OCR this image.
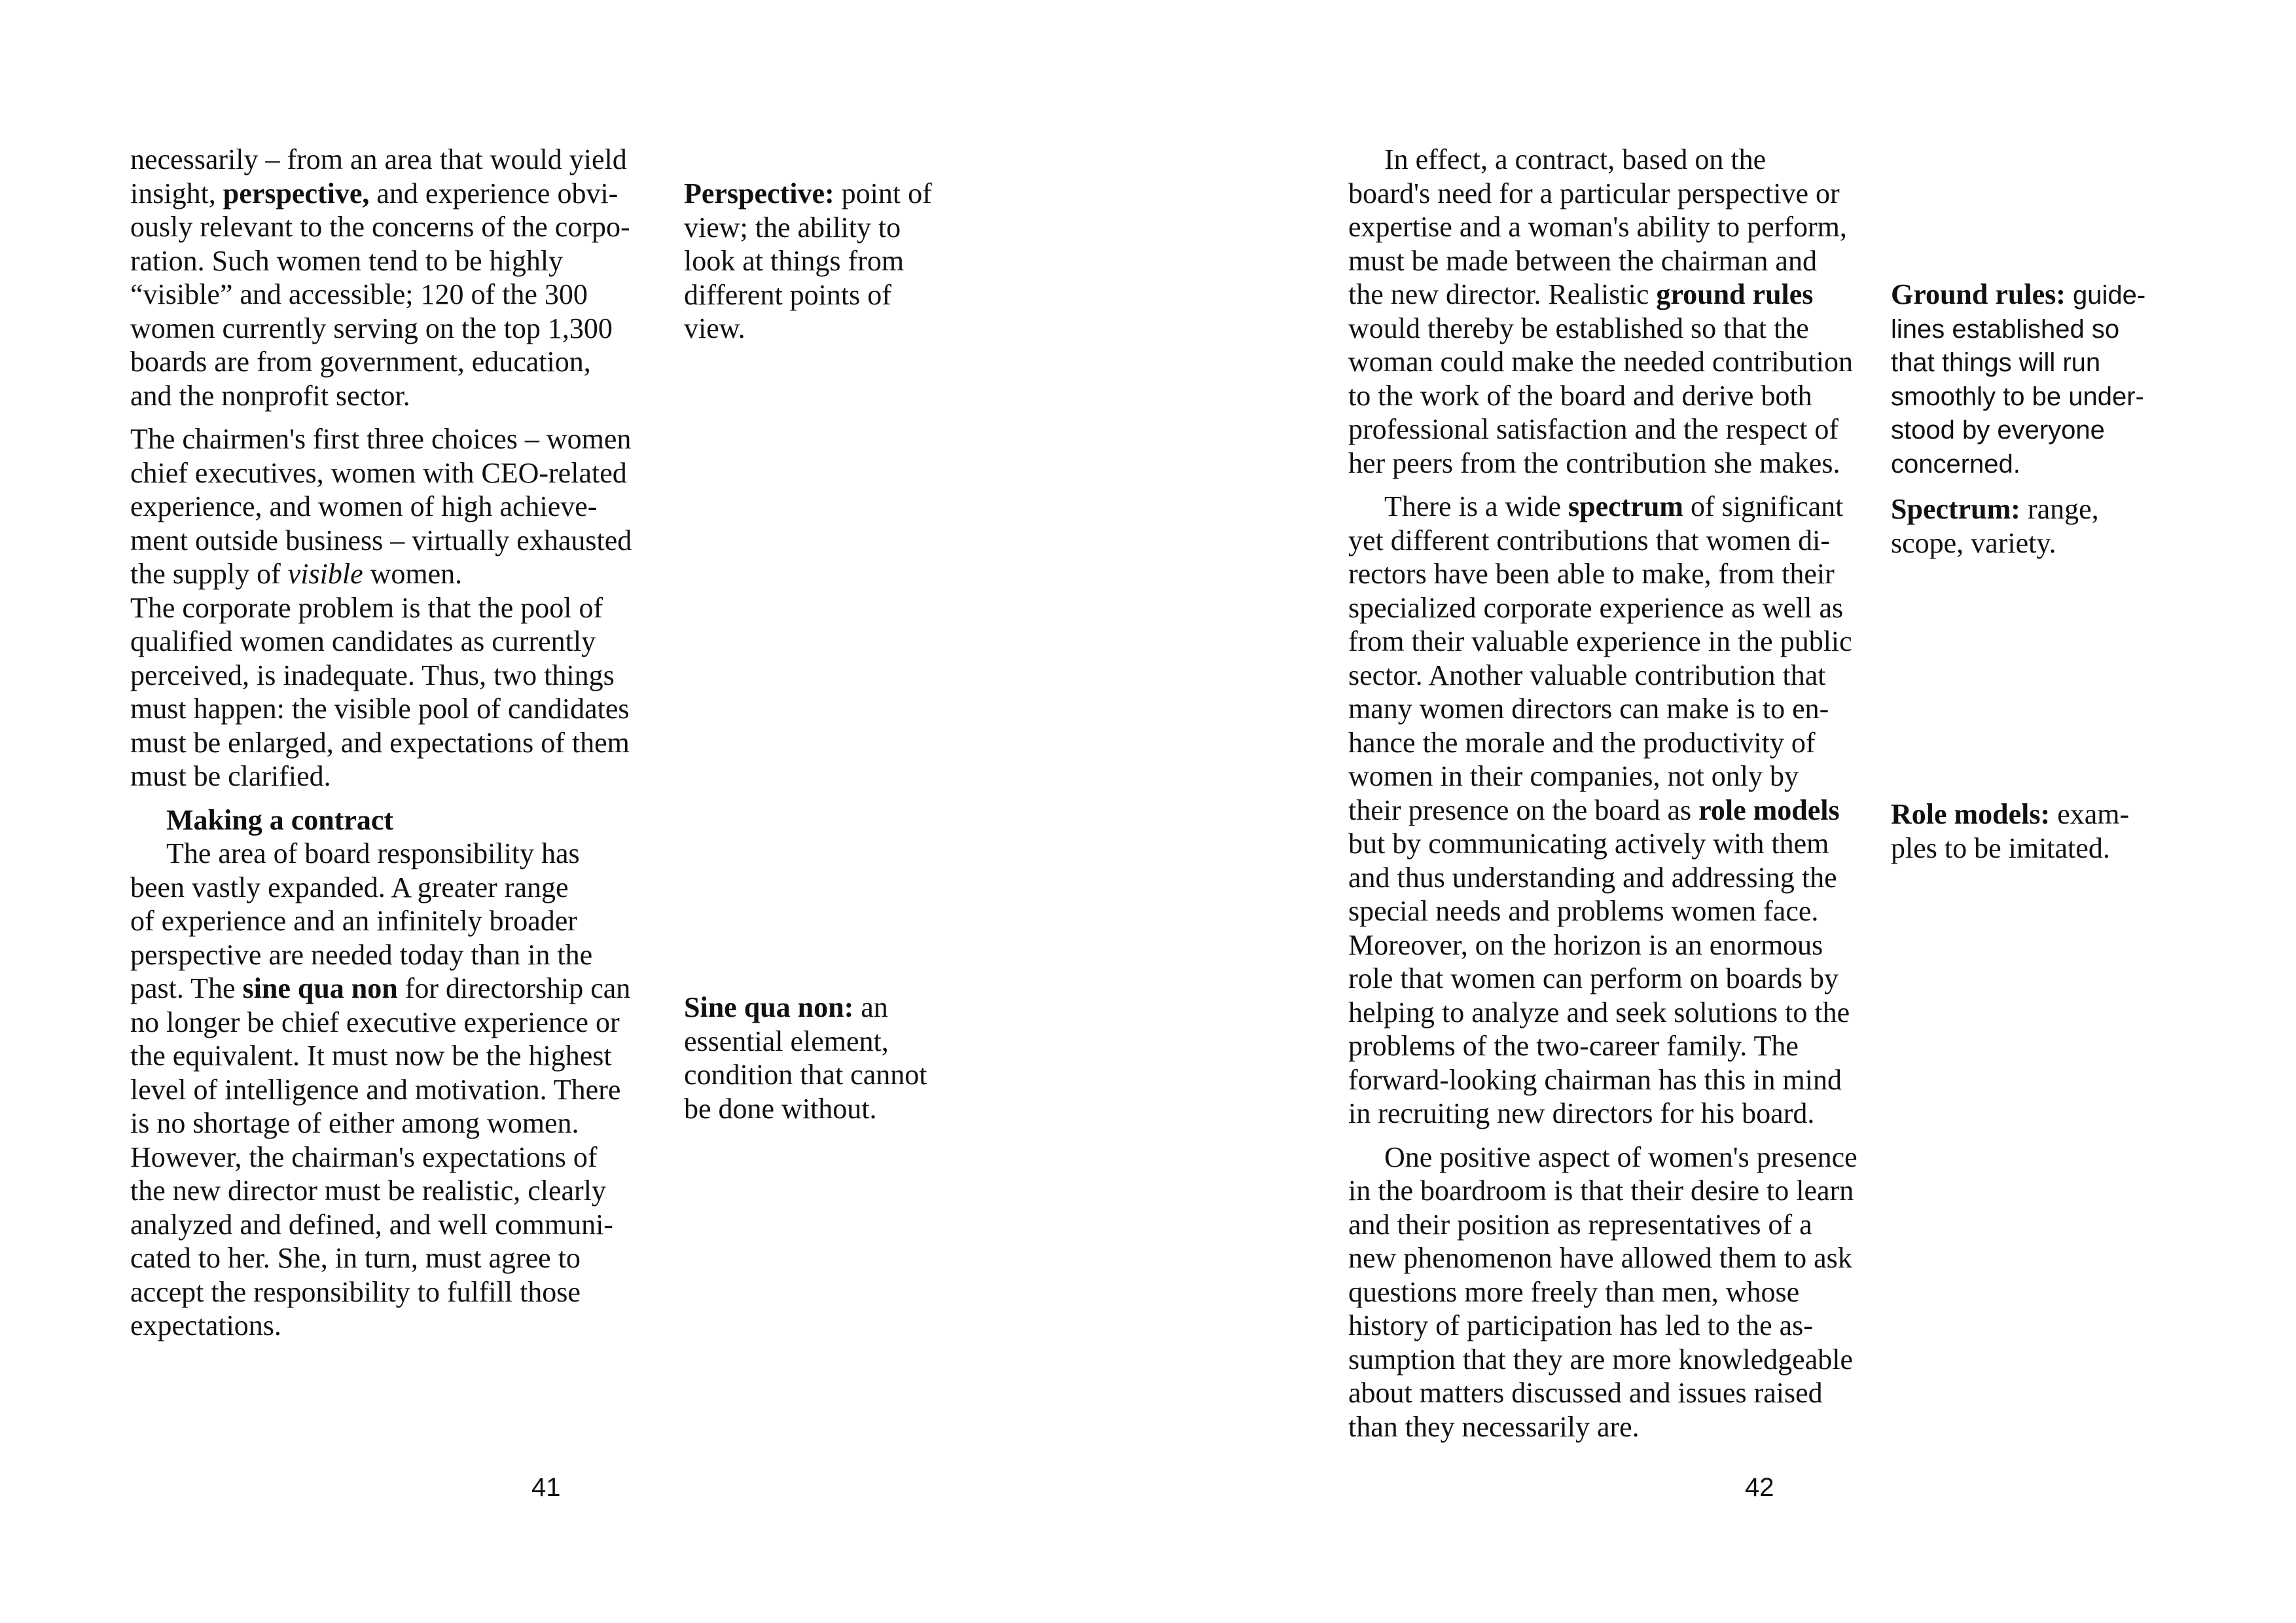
necessarily – from an area that would yield
insight, perspective, and experience obvi-
ously relevant to the concerns of the corpo-
ration. Such women tend to be highly
“visible” and accessible; 120 of the 300
women currently serving on the top 1,300
boards are from government, education,
and the nonprofit sector.

The chairmen's first three choices – women
chief executives, women with CEO-related
experience, and women of high achieve-
ment outside business – virtually exhausted
the supply of visible women.

The corporate problem is that the pool of
qualified women candidates as currently
perceived, is inadequate. Thus, two things
must happen: the visible pool of candidates
must be enlarged, and expectations of them
must be clarified.

Making a contract
The area of board responsibility has
been vastly expanded. A greater range
of experience and an infinitely broader
perspective are needed today than in the
past. The sine qua non for directorship can
no longer be chief executive experience or
the equivalent. It must now be the highest
level of intelligence and motivation. There
is no shortage of either among women.
However, the chairman's expectations of
the new director must be realistic, clearly
analyzed and defined, and well communi-
cated to her. She, in turn, must agree to
accept the responsibility to fulfill those
expectations.

Perspective: point of
view; the ability to
look at things from
different points of
view.
Sine qua non: an
essential element,
condition that cannot
be done without.
41

In effect, a contract, based on the
board's need for a particular perspective or
expertise and a woman's ability to perform,
must be made between the chairman and
the new director. Realistic ground rules
would thereby be established so that the
woman could make the needed contribution
to the work of the board and derive both
professional satisfaction and the respect of
her peers from the contribution she makes.

There is a wide spectrum of significant
yet different contributions that women di-
rectors have been able to make, from their
specialized corporate experience as well as
from their valuable experience in the public
sector. Another valuable contribution that
many women directors can make is to en-
hance the morale and the productivity of
women in their companies, not only by
their presence on the board as role models
but by communicating actively with them
and thus understanding and addressing the
special needs and problems women face.
Moreover, on the horizon is an enormous
role that women can perform on boards by
helping to analyze and seek solutions to the
problems of the two-career family. The
forward-looking chairman has this in mind
in recruiting new directors for his board.

One positive aspect of women's presence
in the boardroom is that their desire to learn
and their position as representatives of a
new phenomenon have allowed them to ask
questions more freely than men, whose
history of participation has led to the as-
sumption that they are more knowledgeable
about matters discussed and issues raised
than they necessarily are.

Ground rules: guide-
lines established so
that things will run
smoothly to be under-
stood by everyone
concerned.
Spectrum: range,
scope, variety.
Role models: exam-
ples to be imitated.
42
